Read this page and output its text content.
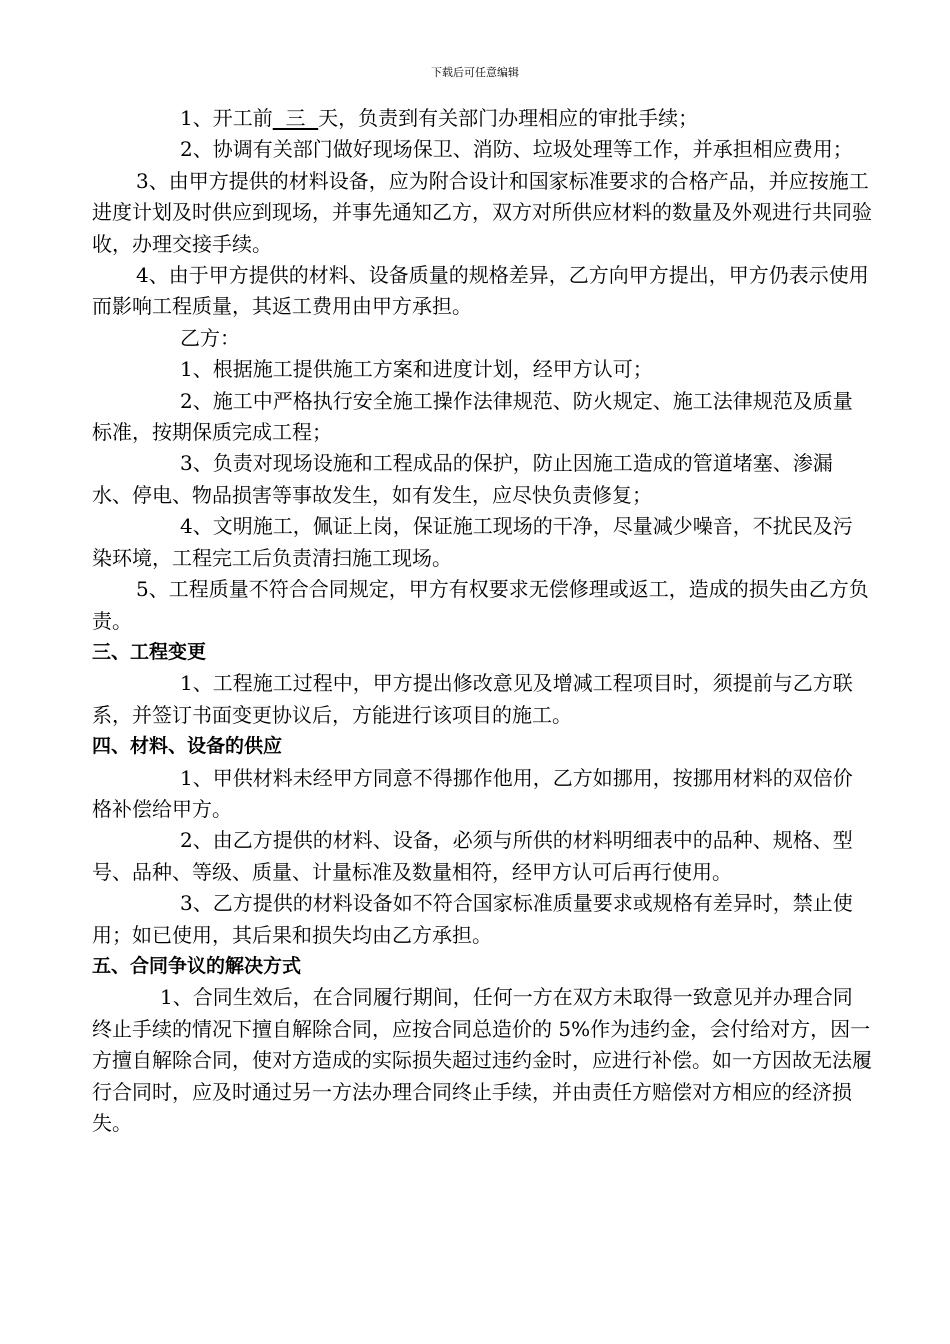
下载后可任意编辑

1、开工前  三  天，负责到有关部门办理相应的审批手续；

2、协调有关部门做好现场保卫、消防、垃圾处理等工作，并承担相应费用；

3、由甲方提供的材料设备，应为附合设计和国家标准要求的合格产品，并应按施工进度计划及时供应到现场，并事先通知乙方，双方对所供应材料的数量及外观进行共同验收，办理交接手续。

4、由于甲方提供的材料、设备质量的规格差异，乙方向甲方提出，甲方仍表示使用而影响工程质量，其返工费用由甲方承担。

乙方：

1、根据施工提供施工方案和进度计划，经甲方认可；

2、施工中严格执行安全施工操作法律规范、防火规定、施工法律规范及质量标准，按期保质完成工程；

3、负责对现场设施和工程成品的保护，防止因施工造成的管道堵塞、渗漏水、停电、物品损害等事故发生，如有发生，应尽快负责修复；

4、文明施工，佩证上岗，保证施工现场的干净，尽量减少噪音，不扰民及污染环境，工程完工后负责清扫施工现场。

5、工程质量不符合合同规定，甲方有权要求无偿修理或返工，造成的损失由乙方负责。

三、工程变更

1、工程施工过程中，甲方提出修改意见及增减工程项目时，须提前与乙方联系，并签订书面变更协议后，方能进行该项目的施工。

四、材料、设备的供应

1、甲供材料未经甲方同意不得挪作他用，乙方如挪用，按挪用材料的双倍价格补偿给甲方。

2、由乙方提供的材料、设备，必须与所供的材料明细表中的品种、规格、型号、品种、等级、质量、计量标准及数量相符，经甲方认可后再行使用。

3、乙方提供的材料设备如不符合国家标准质量要求或规格有差异时，禁止使用；如已使用，其后果和损失均由乙方承担。

五、合同争议的解决方式

1、合同生效后，在合同履行期间，任何一方在双方未取得一致意见并办理合同终止手续的情况下擅自解除合同，应按合同总造价的 5%作为违约金，会付给对方，因一方擅自解除合同，使对方造成的实际损失超过违约金时，应进行补偿。如一方因故无法履行合同时，应及时通过另一方法办理合同终止手续，并由责任方赔偿对方相应的经济损失。
